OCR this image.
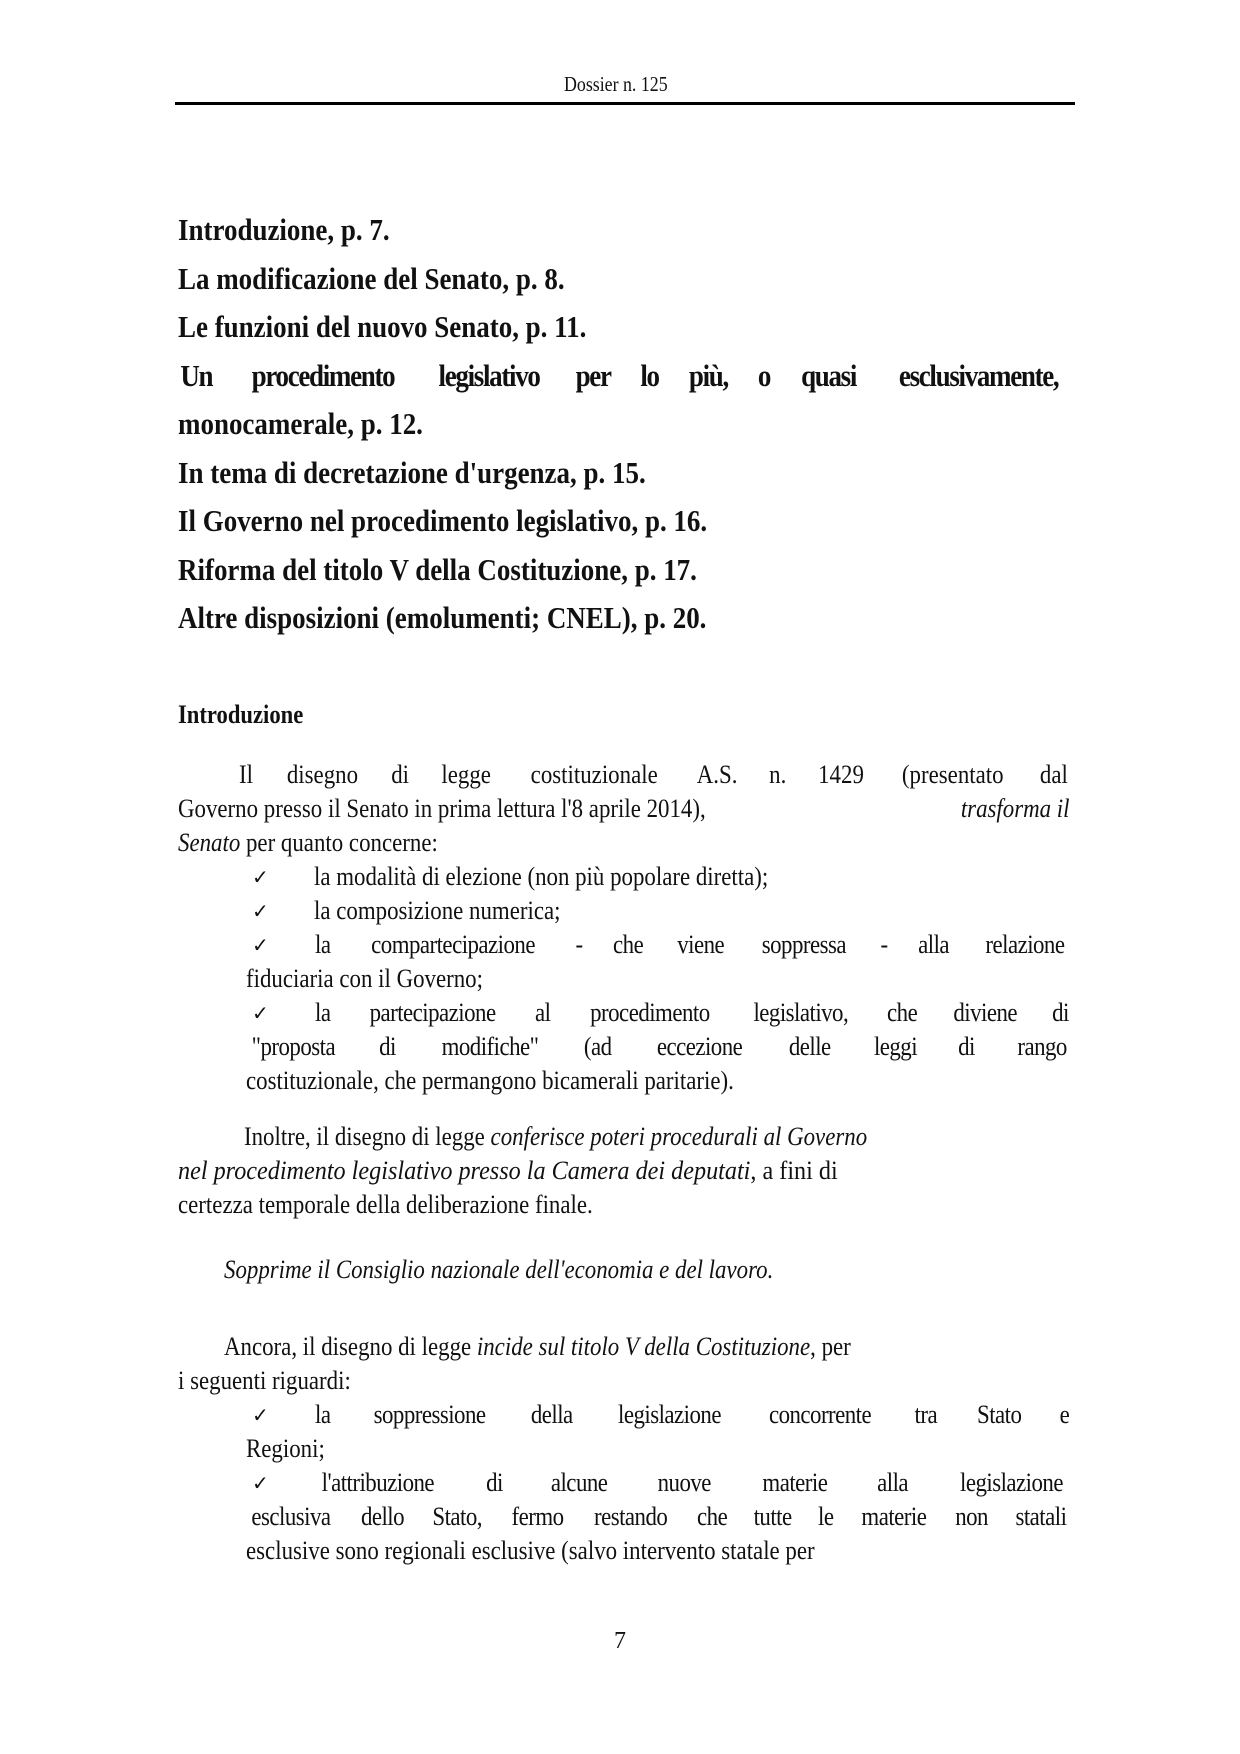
Dossier n. 125
Introduzione, p. 7.
La modificazione del Senato, p. 8.
Le funzioni del nuovo Senato, p. 11.
Un procedimento legislativo per lo più, o quasi esclusivamente,
monocamerale, p. 12.
In tema di decretazione d'urgenza, p. 15.
Il Governo nel procedimento legislativo, p. 16.
Riforma del titolo V della Costituzione, p. 17.
Altre disposizioni (emolumenti; CNEL), p. 20.
Introduzione
Il disegno di legge costituzionale A.S. n. 1429 (presentato dal
Governo presso il Senato in prima lettura l'8 aprile 2014),	trasforma il
Senato per quanto concerne:
✓	la modalità di elezione (non più popolare diretta);
✓	la composizione numerica;
✓	la compartecipazione - che viene soppressa - alla relazione
fiduciaria con il Governo;
✓	la partecipazione al procedimento legislativo, che diviene di
"proposta di modifiche" (ad eccezione delle leggi di rango
costituzionale, che permangono bicamerali paritarie).
Inoltre, il disegno di legge conferisce poteri procedurali al Governo
nel procedimento legislativo presso la Camera dei deputati, a fini di
certezza temporale della deliberazione finale.
Sopprime il Consiglio nazionale dell'economia e del lavoro.
Ancora, il disegno di legge incide sul titolo V della Costituzione, per
i seguenti riguardi:
✓	la soppressione della legislazione concorrente tra Stato e
Regioni;
✓	l'attribuzione di alcune nuove materie alla legislazione
esclusiva dello Stato, fermo restando che tutte le materie non statali
esclusive sono regionali esclusive (salvo intervento statale per
7
